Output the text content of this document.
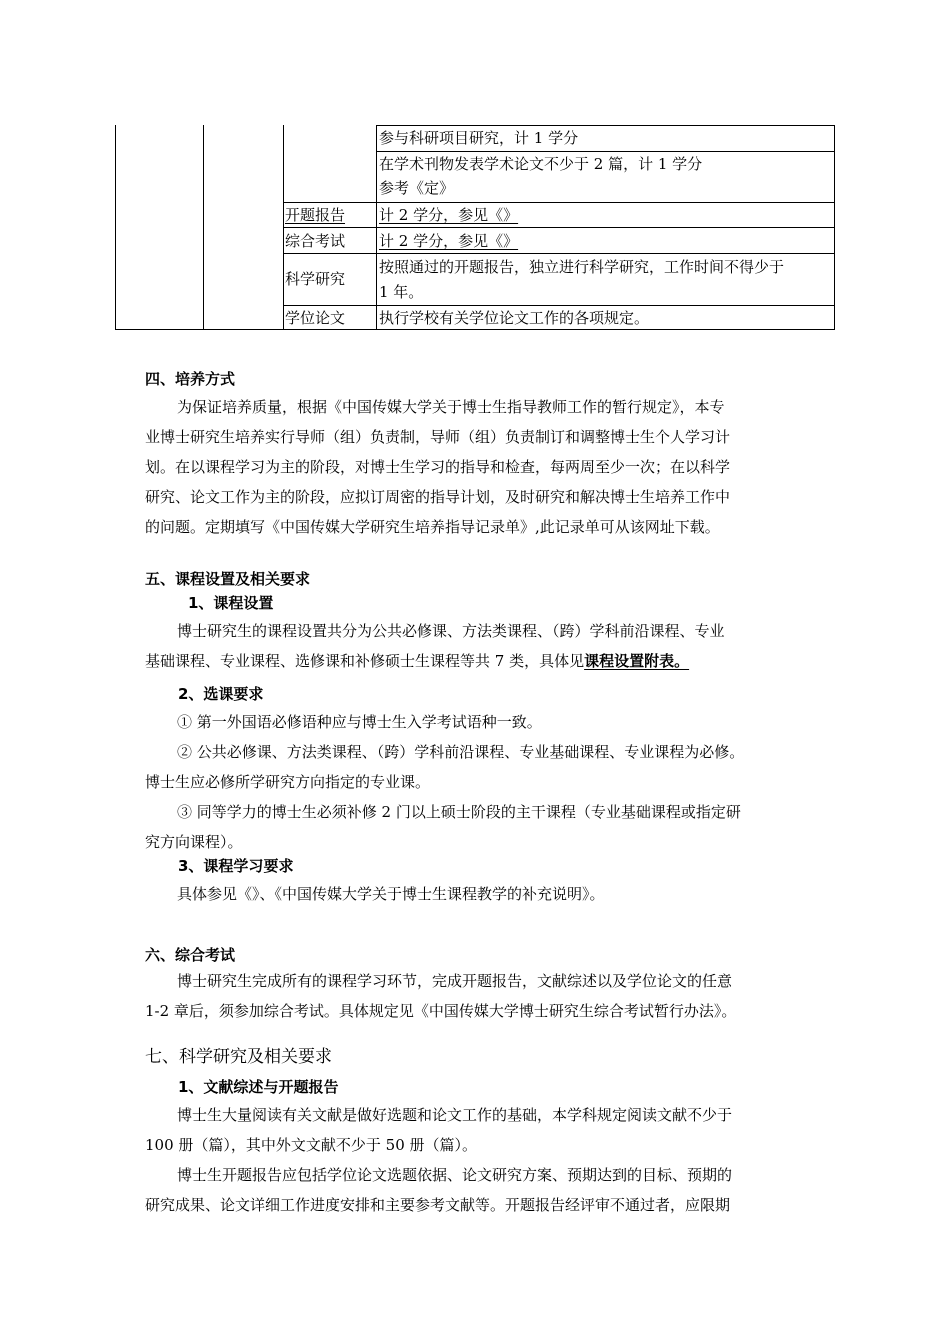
参与科研项目研究，计 1 学分
在学术刊物发表学术论文不少于 2 篇，计 1 学分
参考《定》
开题报告 计 2 学分，参见《》
综合考试 计 2 学分，参见《》
科学研究
按照通过的开题报告，独立进行科学研究，工作时间不得少于
1 年。
学位论文 执行学校有关学位论文工作的各项规定。
四、培养方式
为保证培养质量，根据《中国传媒大学关于博士生指导教师工作的暂行规定》，本专
业博士研究生培养实行导师（组）负责制，导师（组）负责制订和调整博士生个人学习计
划。在以课程学习为主的阶段，对博士生学习的指导和检查，每两周至少一次；在以科学
研究、论文工作为主的阶段，应拟订周密的指导计划，及时研究和解决博士生培养工作中
的问题。定期填写《中国传媒大学研究生培养指导记录单》,此记录单可从该网址下载。
五、课程设置及相关要求
1、课程设置
博士研究生的课程设置共分为公共必修课、方法类课程、（跨）学科前沿课程、专业
基础课程、专业课程、选修课和补修硕士生课程等共 7 类，具体见课程设置附表。
2、选课要求
① 第一外国语必修语种应与博士生入学考试语种一致。
② 公共必修课、方法类课程、（跨）学科前沿课程、专业基础课程、专业课程为必修。
博士生应必修所学研究方向指定的专业课。
③ 同等学力的博士生必须补修 2 门以上硕士阶段的主干课程（专业基础课程或指定研
究方向课程）。
3、课程学习要求
具体参见《》、《中国传媒大学关于博士生课程教学的补充说明》。
六、综合考试
博士研究生完成所有的课程学习环节，完成开题报告，文献综述以及学位论文的任意
1-2 章后，须参加综合考试。具体规定见《中国传媒大学博士研究生综合考试暂行办法》。
七、科学研究及相关要求
1、文献综述与开题报告
博士生大量阅读有关文献是做好选题和论文工作的基础，本学科规定阅读文献不少于
100 册（篇），其中外文文献不少于 50 册（篇）。
博士生开题报告应包括学位论文选题依据、论文研究方案、预期达到的目标、预期的
研究成果、论文详细工作进度安排和主要参考文献等。开题报告经评审不通过者，应限期
